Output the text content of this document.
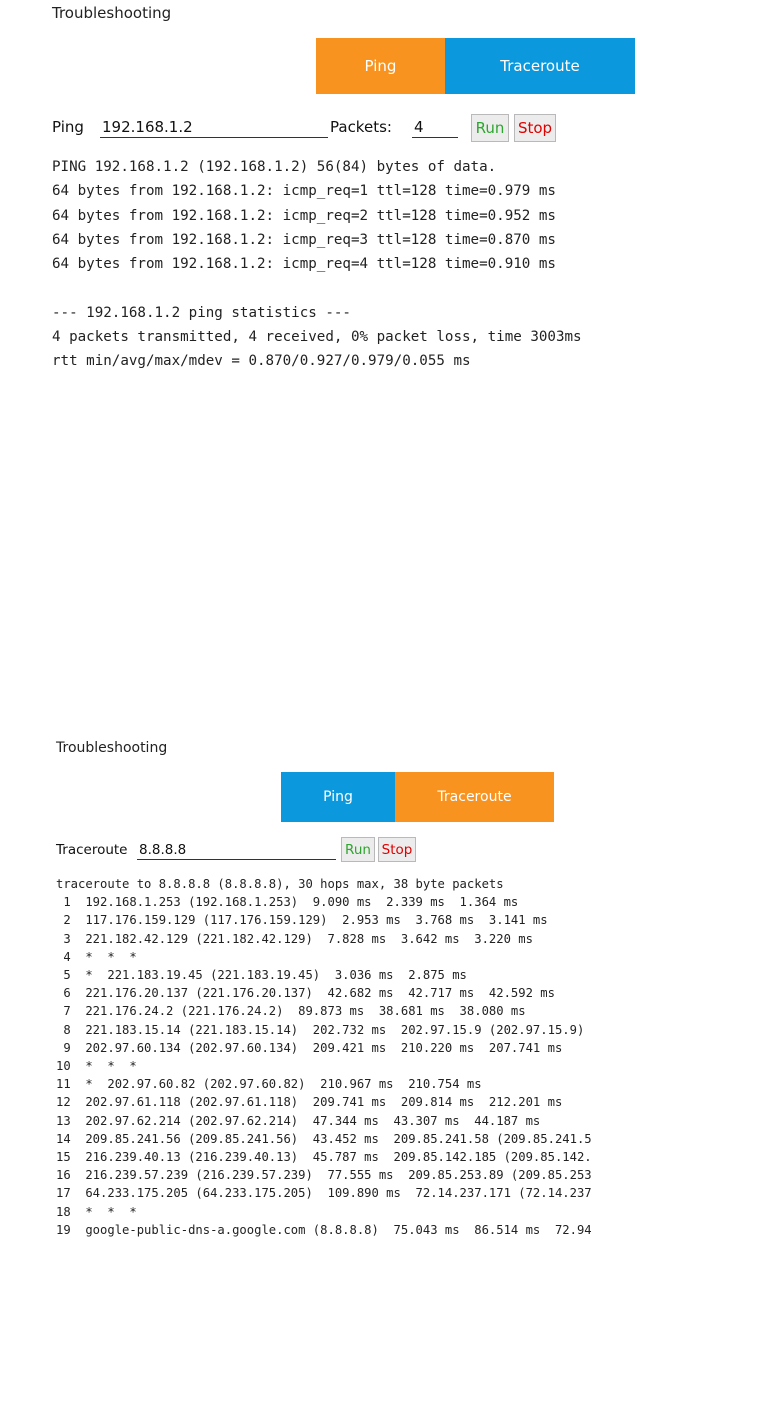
Troubleshooting
Ping	Traceroute
Ping
192.168.1.2	Packets:
4	Run Stop
PING 192.168.1.2 (192.168.1.2) 56(84) bytes of data.
64 bytes from 192.168.1.2: icmp_req=1 ttl=128 time=0.979 ms
64 bytes from 192.168.1.2: icmp_req=2 ttl=128 time=0.952 ms
64 bytes from 192.168.1.2: icmp_req=3 ttl=128 time=0.870 ms
64 bytes from 192.168.1.2: icmp_req=4 ttl=128 time=0.910 ms

--- 192.168.1.2 ping statistics ---
4 packets transmitted, 4 received, 0% packet loss, time 3003ms
rtt min/avg/max/mdev = 0.870/0.927/0.979/0.055 ms
Troubleshooting
Ping	Traceroute
Traceroute
8.8.8.8	Run Stop
traceroute to 8.8.8.8 (8.8.8.8), 30 hops max, 38 byte packets
1  192.168.1.253 (192.168.1.253)  9.090 ms  2.339 ms  1.364 ms
2  117.176.159.129 (117.176.159.129)  2.953 ms  3.768 ms  3.141 ms
3  221.182.42.129 (221.182.42.129)  7.828 ms  3.642 ms  3.220 ms
4  *  *  *
5  *  221.183.19.45 (221.183.19.45)  3.036 ms  2.875 ms
6  221.176.20.137 (221.176.20.137)  42.682 ms  42.717 ms  42.592 ms
7  221.176.24.2 (221.176.24.2)  89.873 ms  38.681 ms  38.080 ms
8  221.183.15.14 (221.183.15.14)  202.732 ms  202.97.15.9 (202.97.15.9)
9  202.97.60.134 (202.97.60.134)  209.421 ms  210.220 ms  207.741 ms
10  *  *  *
11  *  202.97.60.82 (202.97.60.82)  210.967 ms  210.754 ms
12  202.97.61.118 (202.97.61.118)  209.741 ms  209.814 ms  212.201 ms
13  202.97.62.214 (202.97.62.214)  47.344 ms  43.307 ms  44.187 ms
14  209.85.241.56 (209.85.241.56)  43.452 ms  209.85.241.58 (209.85.241.5
15  216.239.40.13 (216.239.40.13)  45.787 ms  209.85.142.185 (209.85.142.
16  216.239.57.239 (216.239.57.239)  77.555 ms  209.85.253.89 (209.85.253
17  64.233.175.205 (64.233.175.205)  109.890 ms  72.14.237.171 (72.14.237
18  *  *  *
19  google-public-dns-a.google.com (8.8.8.8)  75.043 ms  86.514 ms  72.94
